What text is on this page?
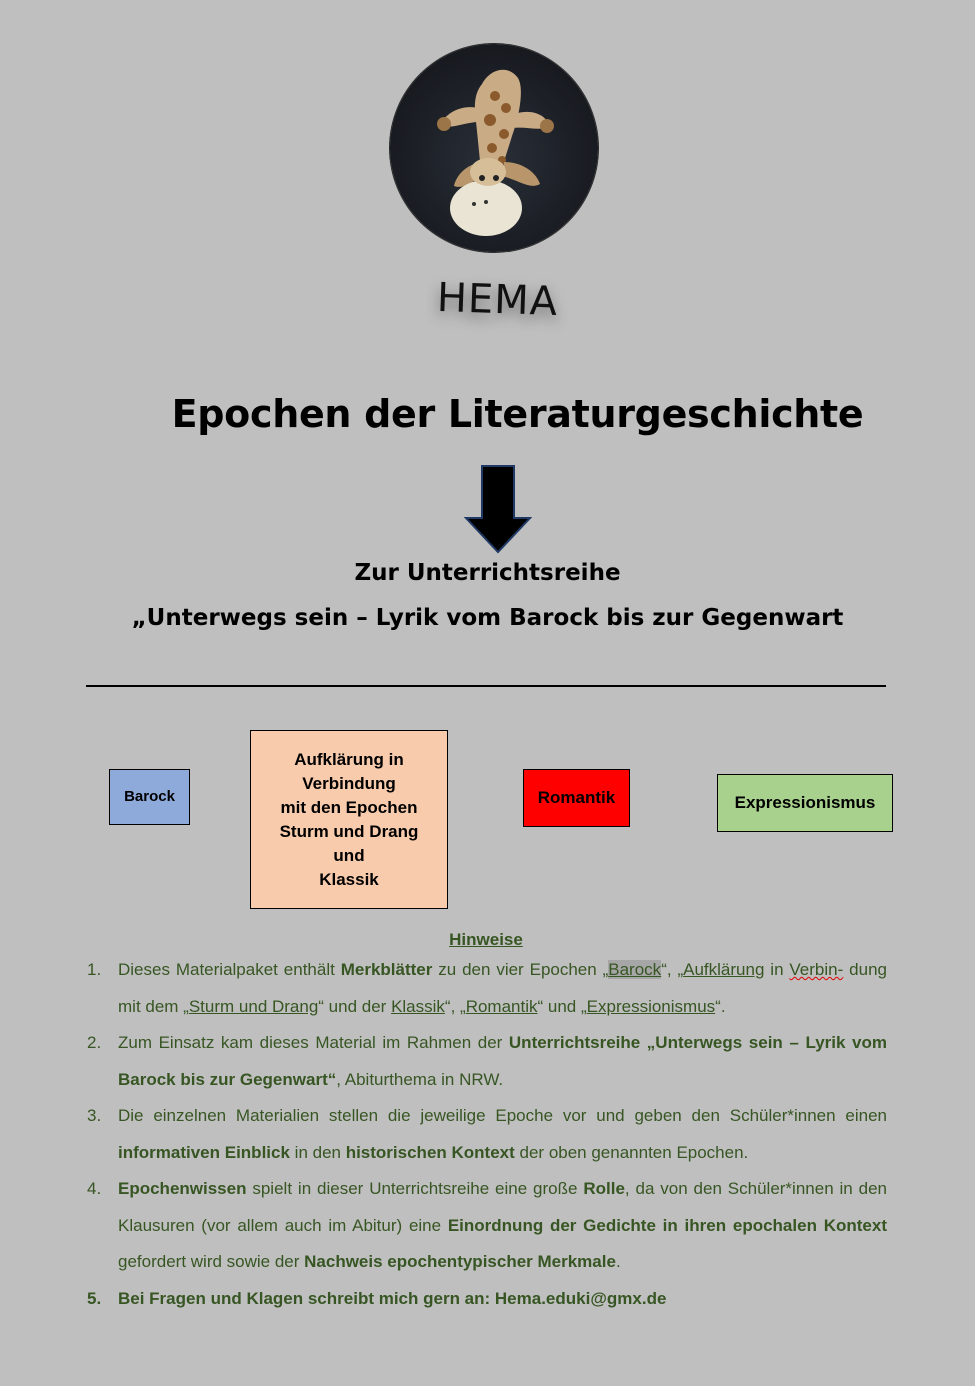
HEMA
Epochen der Literaturgeschichte
Zur Unterrichtsreihe
„Unterwegs sein – Lyrik vom Barock bis zur Gegenwart
Barock
Aufklärung in
Verbindung
mit den Epochen
Sturm und Drang
und
Klassik
Romantik	Expressionismus
Hinweise
1. Dieses Materialpaket enthält Merkblätter zu den vier Epochen „Barock“, „Aufklärung in Verbin- dung mit dem „Sturm und Drang“ und der Klassik“, „Romantik“ und „Expressionismus“.
2. Zum Einsatz kam dieses Material im Rahmen der Unterrichtsreihe „Unterwegs sein – Lyrik vom Barock bis zur Gegenwart“, Abiturthema in NRW.
3. Die einzelnen Materialien stellen die jeweilige Epoche vor und geben den Schüler*innen einen informativen Einblick in den historischen Kontext der oben genannten Epochen.
4. Epochenwissen spielt in dieser Unterrichtsreihe eine große Rolle, da von den Schüler*innen in den Klausuren (vor allem auch im Abitur) eine Einordnung der Gedichte in ihren epochalen Kontext gefordert wird sowie der Nachweis epochentypischer Merkmale.
5. Bei Fragen und Klagen schreibt mich gern an: Hema.eduki@gmx.de
